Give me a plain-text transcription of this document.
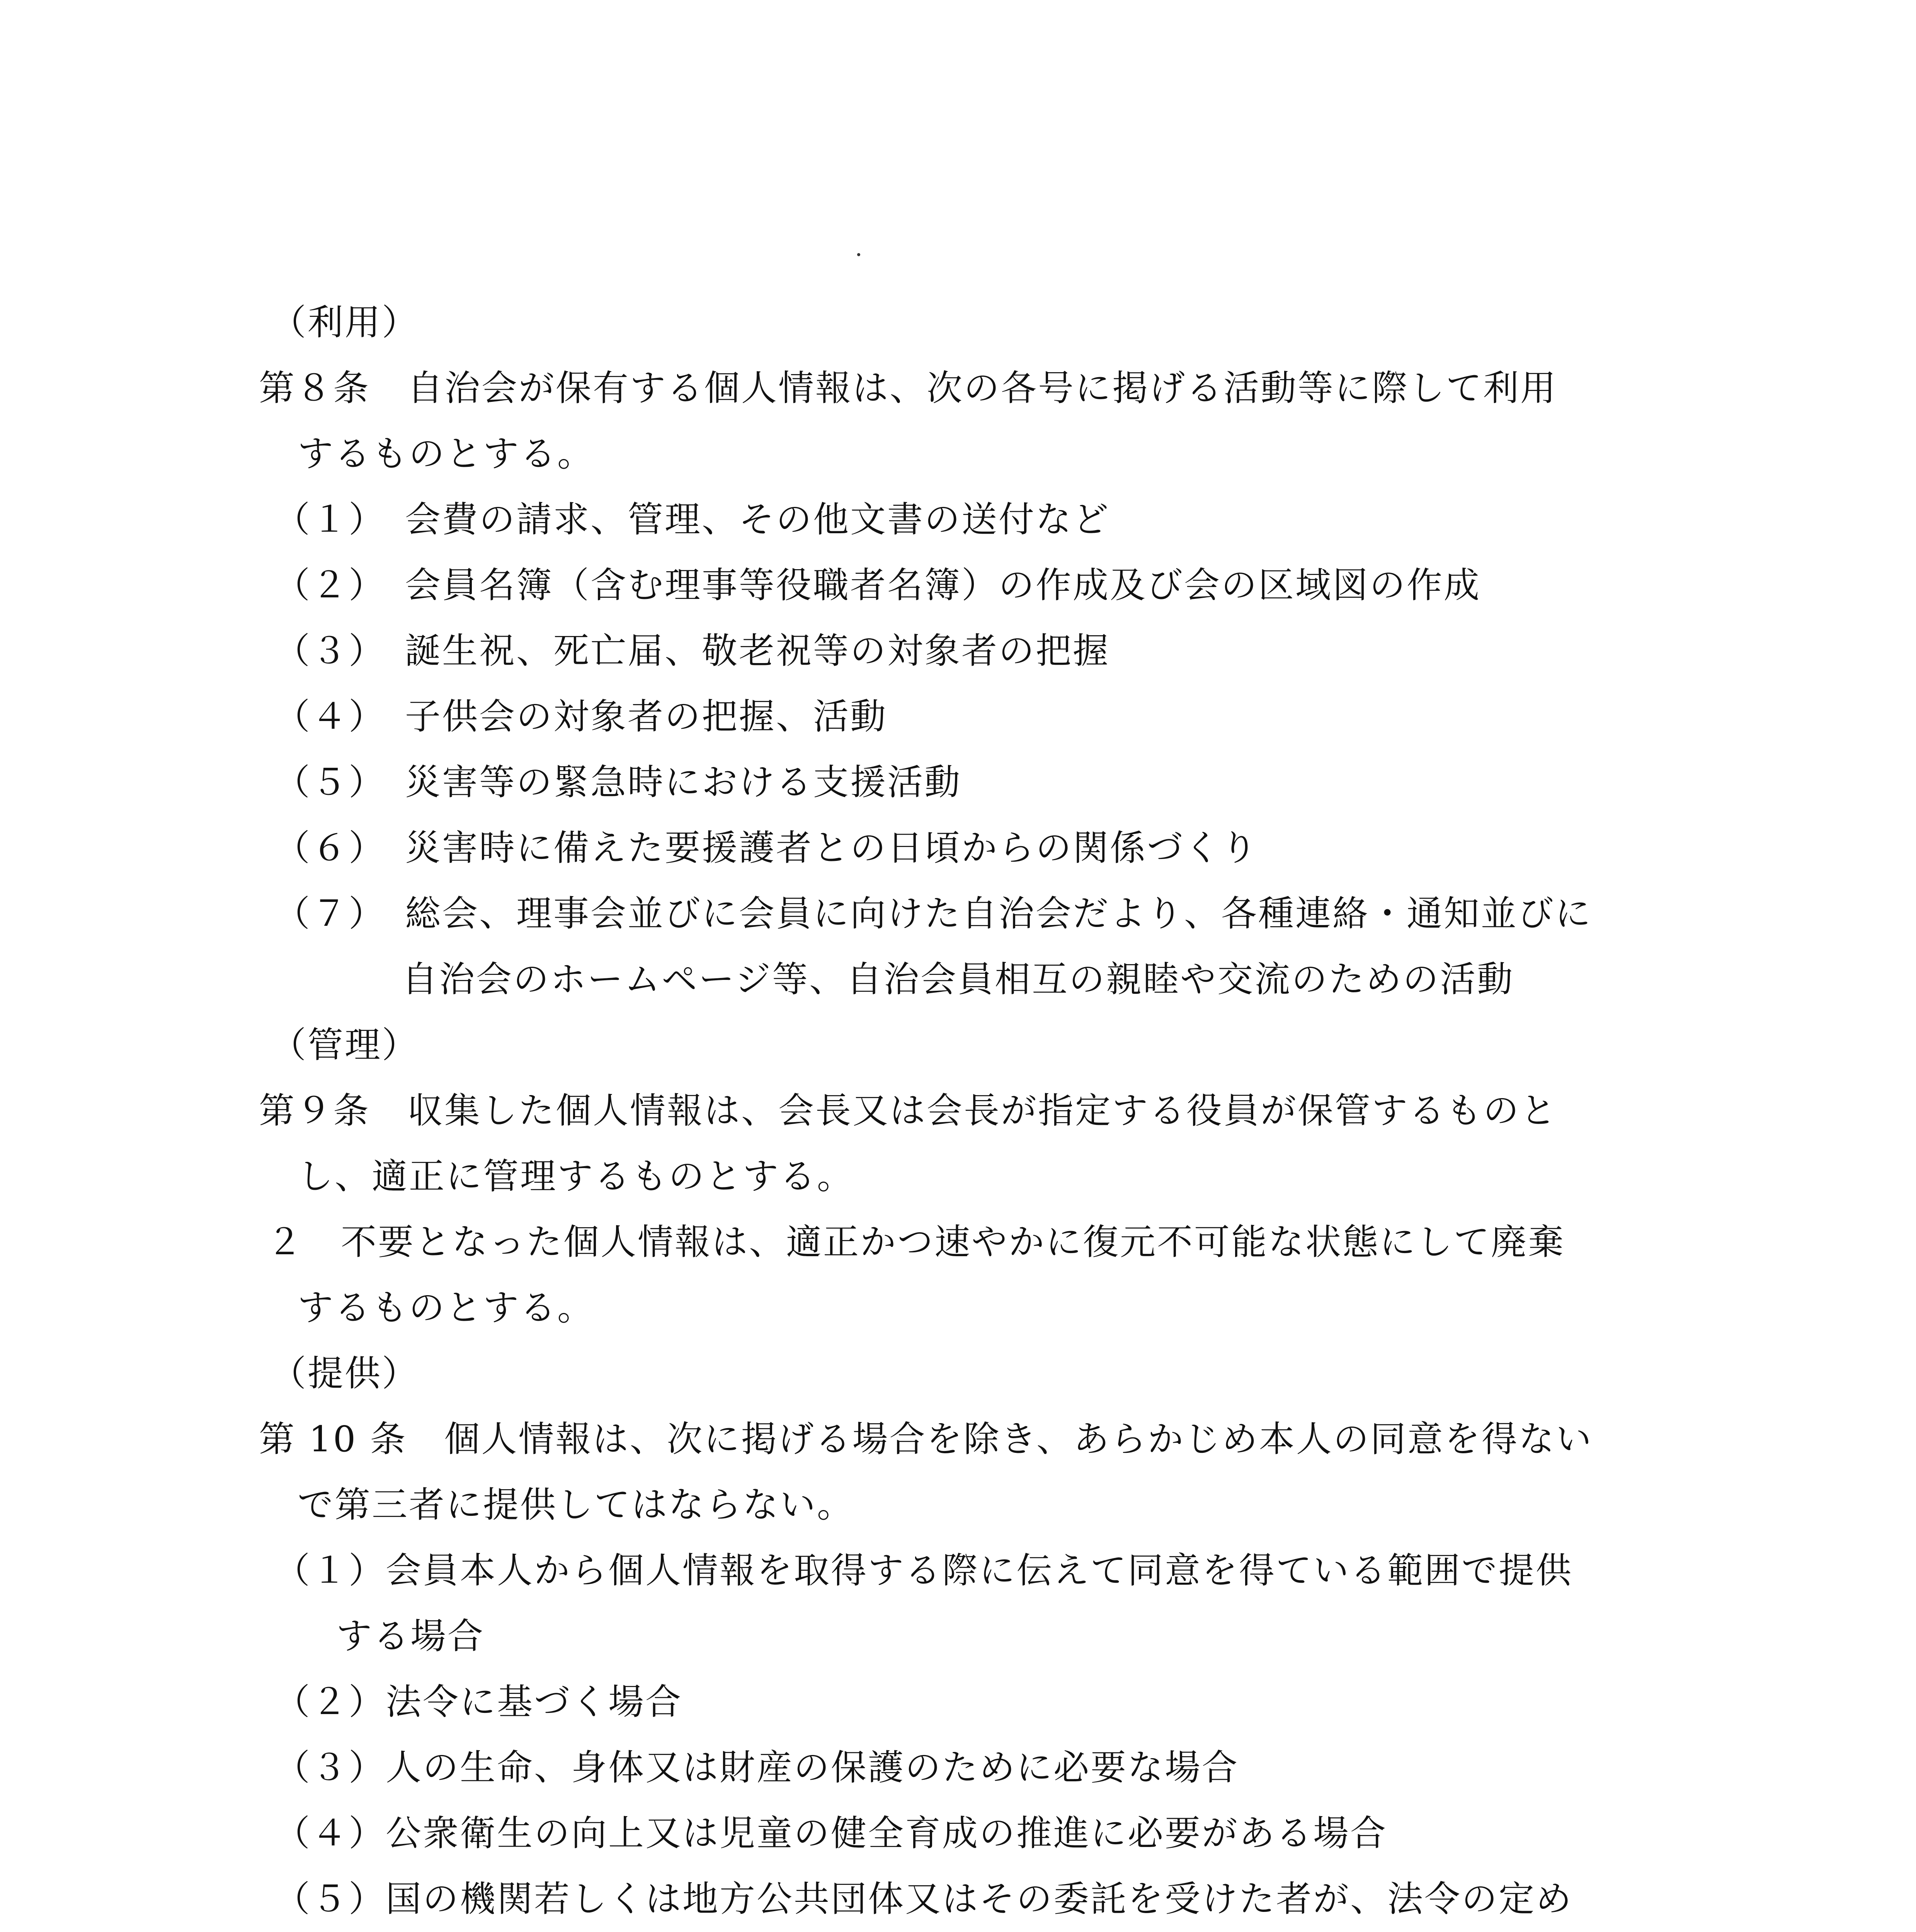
（利用）
第８条　自治会が保有する個人情報は、次の各号に掲げる活動等に際して利用
するものとする。
（１）　会費の請求、管理、その他文書の送付など
（２）　会員名簿（含む理事等役職者名簿）の作成及び会の区域図の作成
（３）　誕生祝、死亡届、敬老祝等の対象者の把握
（４）　子供会の対象者の把握、活動
（５）　災害等の緊急時における支援活動
（６）　災害時に備えた要援護者との日頃からの関係づくり
（７）　総会、理事会並びに会員に向けた自治会だより、各種連絡・通知並びに
自治会のホームページ等、自治会員相互の親睦や交流のための活動
（管理）
第９条　収集した個人情報は、会長又は会長が指定する役員が保管するものと
し、適正に管理するものとする。
２　不要となった個人情報は、適正かつ速やかに復元不可能な状態にして廃棄
するものとする。
（提供）
第 10 条　個人情報は、次に掲げる場合を除き、あらかじめ本人の同意を得ない
で第三者に提供してはならない。
（１）会員本人から個人情報を取得する際に伝えて同意を得ている範囲で提供
する場合
（２）法令に基づく場合
（３）人の生命、身体又は財産の保護のために必要な場合
（４）公衆衛生の向上又は児童の健全育成の推進に必要がある場合
（５）国の機関若しくは地方公共団体又はその委託を受けた者が、法令の定め
